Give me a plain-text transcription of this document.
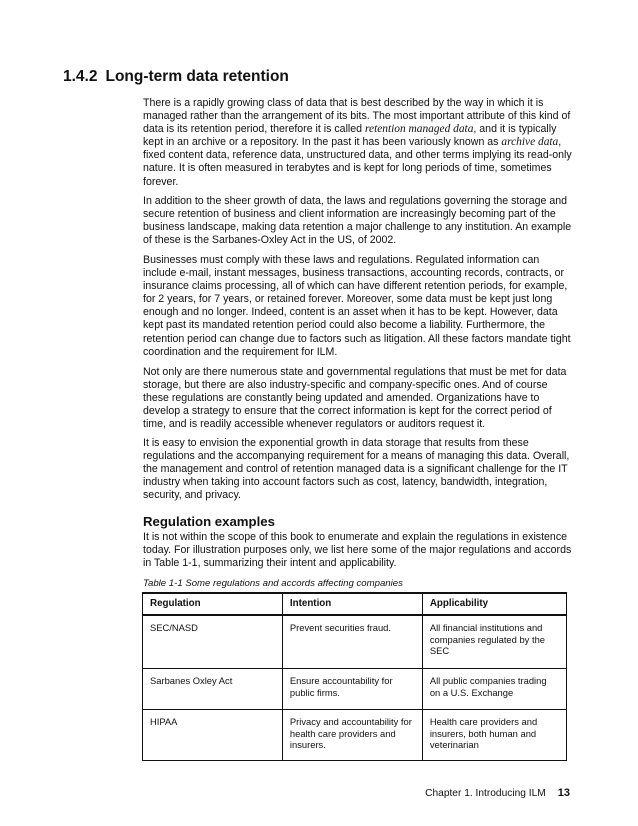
1.4.2 Long-term data retention

There is a rapidly growing class of data that is best described by the way in which it is managed rather than the arrangement of its bits. The most important attribute of this kind of data is its retention period, therefore it is called retention managed data, and it is typically kept in an archive or a repository. In the past it has been variously known as archive data, fixed content data, reference data, unstructured data, and other terms implying its read-only nature. It is often measured in terabytes and is kept for long periods of time, sometimes forever.

In addition to the sheer growth of data, the laws and regulations governing the storage and secure retention of business and client information are increasingly becoming part of the business landscape, making data retention a major challenge to any institution. An example of these is the Sarbanes-Oxley Act in the US, of 2002.

Businesses must comply with these laws and regulations. Regulated information can include e-mail, instant messages, business transactions, accounting records, contracts, or insurance claims processing, all of which can have different retention periods, for example, for 2 years, for 7 years, or retained forever. Moreover, some data must be kept just long enough and no longer. Indeed, content is an asset when it has to be kept. However, data kept past its mandated retention period could also become a liability. Furthermore, the retention period can change due to factors such as litigation. All these factors mandate tight coordination and the requirement for ILM.

Not only are there numerous state and governmental regulations that must be met for data storage, but there are also industry-specific and company-specific ones. And of course these regulations are constantly being updated and amended. Organizations have to develop a strategy to ensure that the correct information is kept for the correct period of time, and is readily accessible whenever regulators or auditors request it.

It is easy to envision the exponential growth in data storage that results from these regulations and the accompanying requirement for a means of managing this data. Overall, the management and control of retention managed data is a significant challenge for the IT industry when taking into account factors such as cost, latency, bandwidth, integration, security, and privacy.

Regulation examples

It is not within the scope of this book to enumerate and explain the regulations in existence today. For illustration purposes only, we list here some of the major regulations and accords in Table 1-1, summarizing their intent and applicability.

Table 1-1 Some regulations and accords affecting companies

Regulation	Intention	Applicability
SEC/NASD	Prevent securities fraud.	All financial institutions and companies regulated by the SEC
Sarbanes Oxley Act	Ensure accountability for public firms.	All public companies trading on a U.S. Exchange
HIPAA	Privacy and accountability for health care providers and insurers.	Health care providers and insurers, both human and veterinarian
Chapter 1. Introducing ILM 13
